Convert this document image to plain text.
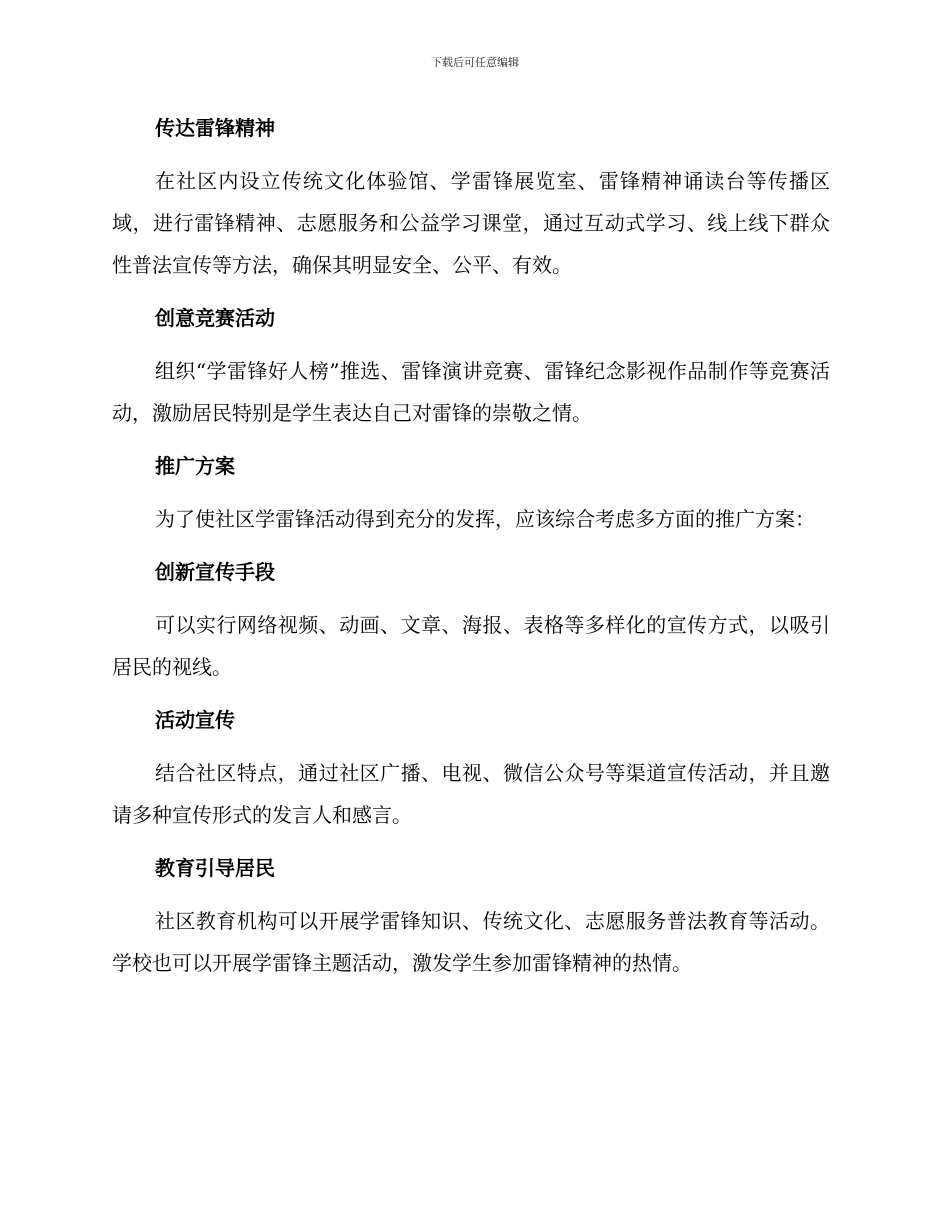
下载后可任意编辑
传达雷锋精神
在社区内设立传统文化体验馆、学雷锋展览室、雷锋精神诵读台等传播区域，进行雷锋精神、志愿服务和公益学习课堂，通过互动式学习、线上线下群众性普法宣传等方法，确保其明显安全、公平、有效。
创意竞赛活动
组织“学雷锋好人榜”推选、雷锋演讲竞赛、雷锋纪念影视作品制作等竞赛活动，激励居民特别是学生表达自己对雷锋的崇敬之情。
推广方案
为了使社区学雷锋活动得到充分的发挥，应该综合考虑多方面的推广方案：
创新宣传手段
可以实行网络视频、动画、文章、海报、表格等多样化的宣传方式，以吸引居民的视线。
活动宣传
结合社区特点，通过社区广播、电视、微信公众号等渠道宣传活动，并且邀请多种宣传形式的发言人和感言。
教育引导居民
社区教育机构可以开展学雷锋知识、传统文化、志愿服务普法教育等活动。学校也可以开展学雷锋主题活动，激发学生参加雷锋精神的热情。
